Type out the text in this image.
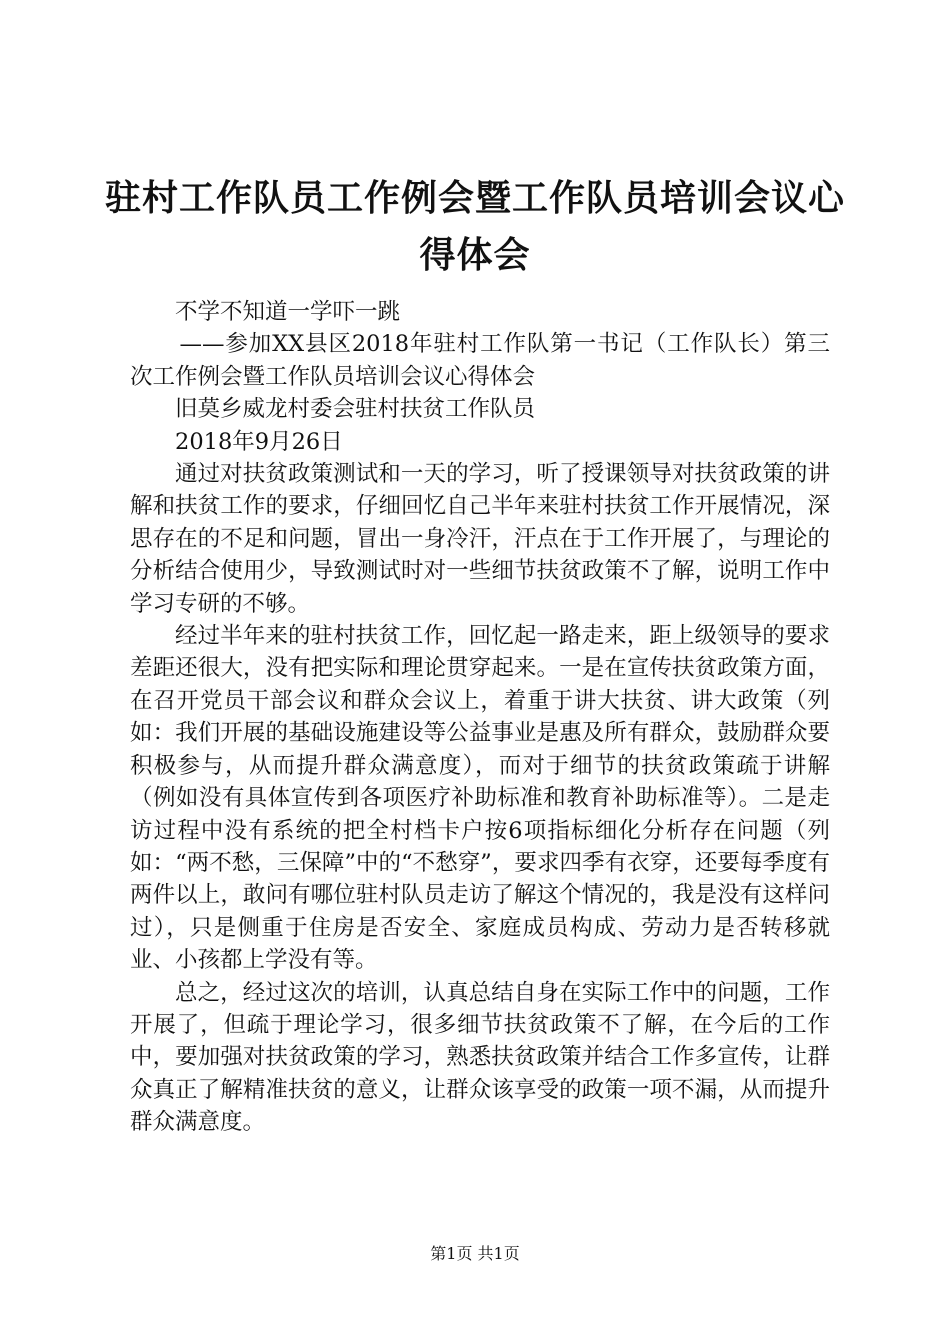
驻村工作队员工作例会暨工作队员培训会议心得体会

不学不知道一学吓一跳

——参加XX县区2018年驻村工作队第一书记（工作队长）第三次工作例会暨工作队员培训会议心得体会

旧莫乡威龙村委会驻村扶贫工作队员

2018年9月26日

通过对扶贫政策测试和一天的学习，听了授课领导对扶贫政策的讲解和扶贫工作的要求，仔细回忆自己半年来驻村扶贫工作开展情况，深思存在的不足和问题，冒出一身冷汗，汗点在于工作开展了，与理论的分析结合使用少，导致测试时对一些细节扶贫政策不了解，说明工作中学习专研的不够。

经过半年来的驻村扶贫工作，回忆起一路走来，距上级领导的要求差距还很大，没有把实际和理论贯穿起来。一是在宣传扶贫政策方面，在召开党员干部会议和群众会议上，着重于讲大扶贫、讲大政策（列如：我们开展的基础设施建设等公益事业是惠及所有群众，鼓励群众要积极参与，从而提升群众满意度），而对于细节的扶贫政策疏于讲解（例如没有具体宣传到各项医疗补助标准和教育补助标准等）。二是走访过程中没有系统的把全村档卡户按6项指标细化分析存在问题（列如：“两不愁，三保障”中的“不愁穿”，要求四季有衣穿，还要每季度有两件以上，敢问有哪位驻村队员走访了解这个情况的，我是没有这样问过），只是侧重于住房是否安全、家庭成员构成、劳动力是否转移就业、小孩都上学没有等。

总之，经过这次的培训，认真总结自身在实际工作中的问题，工作开展了，但疏于理论学习，很多细节扶贫政策不了解，在今后的工作中，要加强对扶贫政策的学习，熟悉扶贫政策并结合工作多宣传，让群众真正了解精准扶贫的意义，让群众该享受的政策一项不漏，从而提升群众满意度。

第1页 共1页
